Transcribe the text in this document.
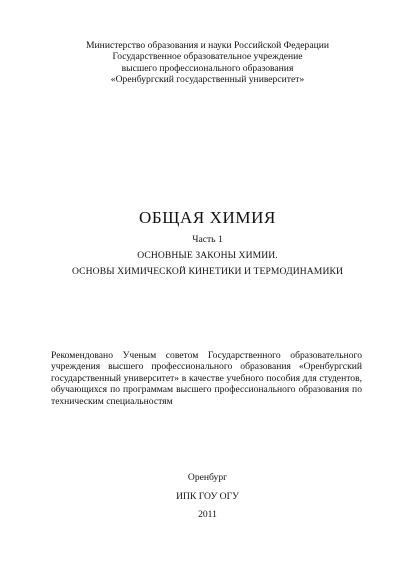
Министерство образования и науки Российской Федерации
Государственное образовательное учреждение
высшего профессионального образования
«Оренбургский государственный университет»
ОБЩАЯ ХИМИЯ
Часть 1
ОСНОВНЫЕ ЗАКОНЫ ХИМИИ.
ОСНОВЫ ХИМИЧЕСКОЙ КИНЕТИКИ И ТЕРМОДИНАМИКИ
Рекомендовано Ученым советом Государственного образовательного
учреждения высшего профессионального образования «Оренбургский
государственный университет» в качестве учебного пособия для студентов,
обучающихся по программам высшего профессионального образования по
техническим специальностям
Оренбург
ИПК ГОУ ОГУ
2011
